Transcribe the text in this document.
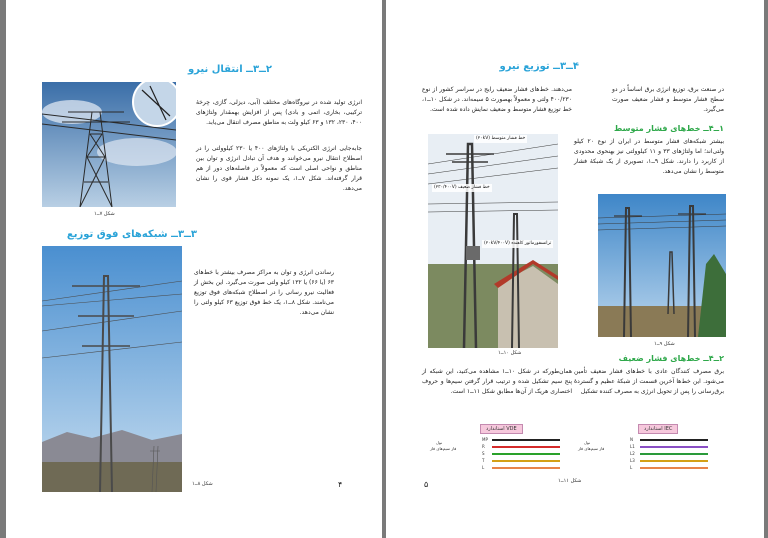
۲ــ۳ــ انتقال نیرو
انرژی تولید شده در نیروگاه‌های مختلف (آبی، دیزلی، گازی، چرخهٔ ترکیبی، بخاری، اتمی و بادی) پس از افزایش بهمقدار ولتاژهای ۴۰۰، ۲۳۰، ۱۳۲ و ۶۳ کیلو ولت به مناطق مصرف انتقال می‌یابد.
جابه‌جایی انرژی الکتریکی با ولتاژهای ۴۰۰ یا ۲۳۰ کیلوولتی را در اصطلاح انتقال نیرو می‌خوانند و هدف آن تبادل انرژی و توان بین مناطق و نواحی اصلی است که معمولاً در فاصله‌های دور از هم قرار گرفته‌اند. شکل ۷ــ۱، یک نمونه دکل فشار قوی را نشان می‌دهد.
شکل ۷ــ۱
۳ــ۳ــ شبکه‌های فوق توزیع
رساندن انرژی و توان به مراکز مصرف بیشتر با خط‌های ۶۳ (یا ۶۶) یا ۱۳۲ کیلو ولتی صورت می‌گیرد. این بخش از فعالیت نیرو رسانی را در اصطلاح شبکه‌های فوق توزیع می‌نامند. شکل ۸ــ۱، یک خط فوق توزیع ۶۳ کیلو ولتی را نشان می‌دهد.
شکل ۸ــ۱	۴
۴ــ۳ــ توزیع نیرو
در صنعت برق، توزیع انرژی برق اساساً در دو سطح فشار متوسط و فشار ضعیف صورت می‌گیرد.
می‌دهند. خط‌های فشار ضعیف رایج در سراسر کشور از نوع ۴۰۰/۲۳۰ ولتی و معمولاً بهصورت ۵ سیمه‌اند. در شکل ۱۰ــ۱، خط توزیع فشار متوسط و ضعیف نمایش داده شده است.
۱ــ۴ــ خط‌های فشار متوسط
بیشتر شبکه‌های فشار متوسط در ایران از نوع ۲۰ کیلو ولتی‌اند؛ اما ولتاژهای ۳۳ و ۱۱ کیلوولتی نیز بهنحوی محدودی از کاربرد را دارند. شکل ۹ــ۱، تصویری از یک شبکهٔ فشار متوسط را نشان می‌دهد.
خط فشار متوسط (۲۰kV)
خط فشار ضعیف (۲۳۰/۴۰۰V)
ترانسفورماتور کاهنده (۲۰kV/۴۰۰V)
شکل ۱۰ــ۱
شکل ۹ــ۱
۲ــ۴ــ خط‌های فشار ضعیف
برق مصرف کنندگان عادی با خط‌های فشار ضعیف تأمین می‌شود. این خط‌ها آخرین قسمت از شبکهٔ عظیم و گستردهٔ برق‌رسانی را پس از تحویل انرژی به مصرف کننده تشکیل
همان‌طورکه در شکل ۱۰ــ۱ مشاهده می‌کنید، این شبکه از پنج سیم تشکیل شده و ترتیب قرار گرفتن سیم‌ها و حروف اختصاری هریک از آن‌ها مطابق شکل ۱۱ــ۱ است.
استاندارد VDE	استاندارد IEC
نول
فاز سیم‌های فاز
نول
فاز سیم‌های فاز
MP
R
S
T
L
N
L1
L2
L3
L
شکل ۱۱ــ۱
۵
